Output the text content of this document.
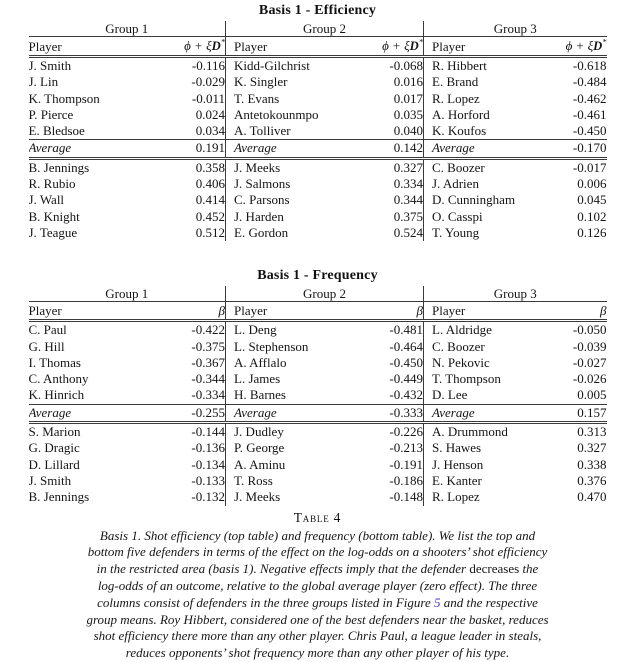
Basis 1 - Efficiency
Group 1		Group 2		Group 3	
Player	ϕ + ξD*	Player	ϕ + ξD*	Player	ϕ + ξD*
J. Smith	-0.116	Kidd-Gilchrist	-0.068	R. Hibbert	-0.618
J. Lin	-0.029	K. Singler	0.016	E. Brand	-0.484
K. Thompson	-0.011	T. Evans	0.017	R. Lopez	-0.462
P. Pierce	0.024	Antetokounmpo	0.035	A. Horford	-0.461
E. Bledsoe	0.034	A. Tolliver	0.040	K. Koufos	-0.450
Average	0.191	Average	0.142	Average	-0.170
B. Jennings	0.358	J. Meeks	0.327	C. Boozer	-0.017
R. Rubio	0.406	J. Salmons	0.334	J. Adrien	0.006
J. Wall	0.414	C. Parsons	0.344	D. Cunningham	0.045
B. Knight	0.452	J. Harden	0.375	O. Casspi	0.102
J. Teague	0.512	E. Gordon	0.524	T. Young	0.126
Basis 1 - Frequency
Group 1		Group 2		Group 3	
Player	β	Player	β	Player	β
C. Paul	-0.422	L. Deng	-0.481	L. Aldridge	-0.050
G. Hill	-0.375	L. Stephenson	-0.464	C. Boozer	-0.039
I. Thomas	-0.367	A. Afflalo	-0.450	N. Pekovic	-0.027
C. Anthony	-0.344	L. James	-0.449	T. Thompson	-0.026
K. Hinrich	-0.334	H. Barnes	-0.432	D. Lee	0.005
Average	-0.255	Average	-0.333	Average	0.157
S. Marion	-0.144	J. Dudley	-0.226	A. Drummond	0.313
G. Dragic	-0.136	P. George	-0.213	S. Hawes	0.327
D. Lillard	-0.134	A. Aminu	-0.191	J. Henson	0.338
J. Smith	-0.133	T. Ross	-0.186	E. Kanter	0.376
B. Jennings	-0.132	J. Meeks	-0.148	R. Lopez	0.470
Table 4
Basis 1. Shot efficiency (top table) and frequency (bottom table). We list the top and
bottom five defenders in terms of the effect on the log-odds on a shooters’ shot efficiency
in the restricted area (basis 1). Negative effects imply that the defender decreases the
log-odds of an outcome, relative to the global average player (zero effect). The three
columns consist of defenders in the three groups listed in Figure 5 and the respective
group means. Roy Hibbert, considered one of the best defenders near the basket, reduces
shot efficiency there more than any other player. Chris Paul, a league leader in steals,
reduces opponents’ shot frequency more than any other player of his type.
